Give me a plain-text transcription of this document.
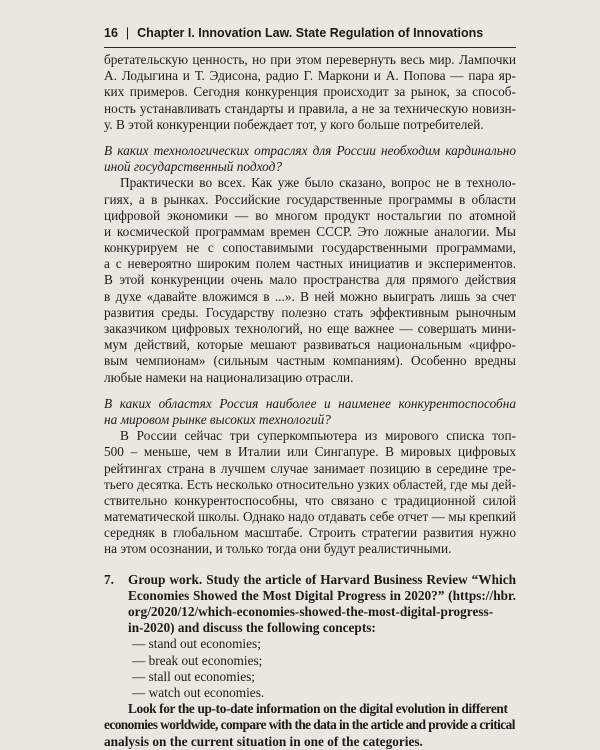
16 | Chapter I. Innovation Law. State Regulation of Innovations
бретательскую ценность, но при этом перевернуть весь мир. Лампочки
А. Лодыгина и Т. Эдисона, радио Г. Маркони и А. Попова — пара яр-
ких примеров. Сегодня конкуренция происходит за рынок, за способ-
ность устанавливать стандарты и правила, а не за техническую новизн-
у. В этой конкуренции побеждает тот, у кого больше потребителей.
В каких технологических отраслях для России необходим кардинально
иной государственный подход?
Практически во всех. Как уже было сказано, вопрос не в техноло-
гиях, а в рынках. Российские государственные программы в области
цифровой экономики — во многом продукт ностальгии по атомной
и космической программам времен СССР. Это ложные аналогии. Мы
конкурируем не с сопоставимыми государственными программами,
а с невероятно широким полем частных инициатив и экспериментов.
В этой конкуренции очень мало пространства для прямого действия
в духе «давайте вложимся в ...». В ней можно выиграть лишь за счет
развития среды. Государству полезно стать эффективным рыночным
заказчиком цифровых технологий, но еще важнее — совершать мини-
мум действий, которые мешают развиваться национальным «цифро-
вым чемпионам» (сильным частным компаниям). Особенно вредны
любые намеки на национализацию отрасли.
В каких областях Россия наиболее и наименее конкурентоспособна
на мировом рынке высоких технологий?
В России сейчас три суперкомпьютера из мирового списка топ-
500 – меньше, чем в Италии или Сингапуре. В мировых цифровых
рейтингах страна в лучшем случае занимает позицию в середине тре-
тьего десятка. Есть несколько относительно узких областей, где мы дей-
ствительно конкурентоспособны, что связано с традиционной силой
математической школы. Однако надо отдавать себе отчет — мы крепкий
середняк в глобальном масштабе. Строить стратегии развития нужно
на этом осознании, и только тогда они будут реалистичными.
7.	Group work. Study the article of Harvard Business Review “Which
Economies Showed the Most Digital Progress in 2020?” (https://hbr.
org/2020/12/which-economies-showed-the-most-digital-progress-
in-2020) and discuss the following concepts:
— stand out economies;
— break out economies;
— stall out economies;
— watch out economies.
Look for the up-to-date information on the digital evolution in different
economies worldwide, compare with the data in the article and provide a critical
analysis on the current situation in one of the categories.
